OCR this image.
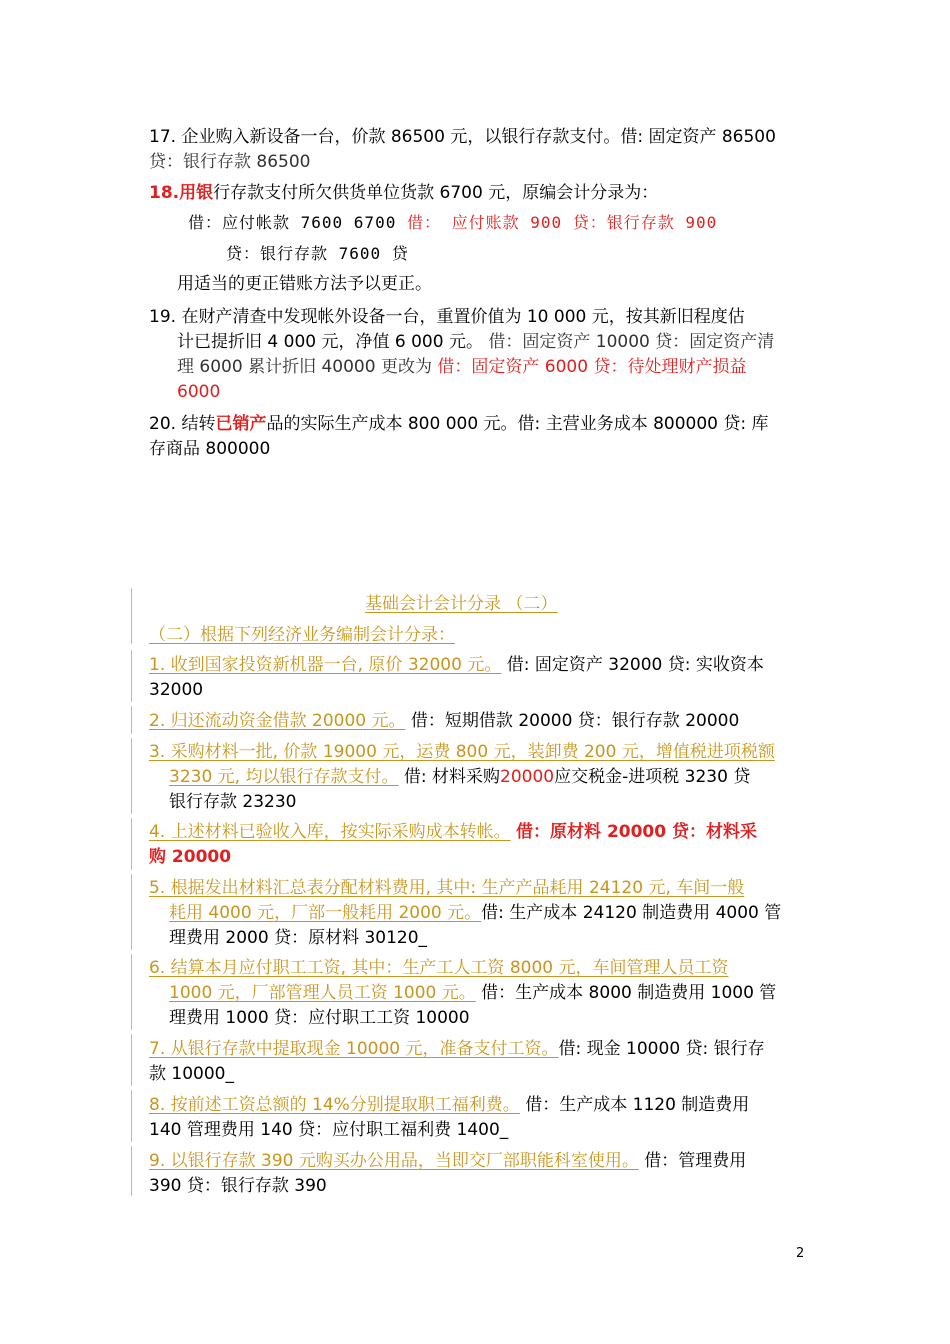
17. 企业购入新设备一台，价款 86500 元，以银行存款支付。借: 固定资产 86500
贷：银行存款 86500
18.用银行存款支付所欠供货单位货款 6700 元，原编会计分录为：
借：应付帐款 7600 6700 借： 应付账款 900 贷：银行存款 900
贷：银行存款 7600 贷
用适当的更正错账方法予以更正。
19. 在财产清查中发现帐外设备一台，重置价值为 10 000 元，按其新旧程度估
计已提折旧 4 000 元，净值 6 000 元。 借：固定资产 10000 贷：固定资产清
理 6000 累计折旧 40000 更改为 借：固定资产 6000 贷：待处理财产损益
6000
20. 结转已销产品的实际生产成本 800 000 元。借: 主营业务成本 800000 贷: 库
存商品 800000
基础会计会计分录 （二）
（二）根据下列经济业务编制会计分录：
1. 收到国家投资新机器一台, 原价 32000 元。 借: 固定资产 32000 贷: 实收资本
32000
2. 归还流动资金借款 20000 元。 借：短期借款 20000 贷：银行存款 20000
3. 采购材料一批, 价款 19000 元，运费 800 元，装卸费 200 元，增值税进项税额
3230 元, 均以银行存款支付。 借: 材料采购20000应交税金-进项税 3230 贷
银行存款 23230
4. 上述材料已验收入库，按实际采购成本转帐。 借：原材料 20000 贷：材料采
购 20000
5. 根据发出材料汇总表分配材料费用, 其中: 生产产品耗用 24120 元, 车间一般
耗用 4000 元，厂部一般耗用 2000 元。借: 生产成本 24120 制造费用 4000 管
理费用 2000 贷：原材料 30120_
6. 结算本月应付职工工资, 其中：生产工人工资 8000 元，车间管理人员工资
1000 元，厂部管理人员工资 1000 元。 借：生产成本 8000 制造费用 1000 管
理费用 1000 贷：应付职工工资 10000
7. 从银行存款中提取现金 10000 元，准备支付工资。借: 现金 10000 贷: 银行存
款 10000_
8. 按前述工资总额的 14%分别提取职工福利费。 借：生产成本 1120 制造费用
140 管理费用 140 贷：应付职工福利费 1400_
9. 以银行存款 390 元购买办公用品，当即交厂部职能科室使用。 借：管理费用
390 贷：银行存款 390
2
